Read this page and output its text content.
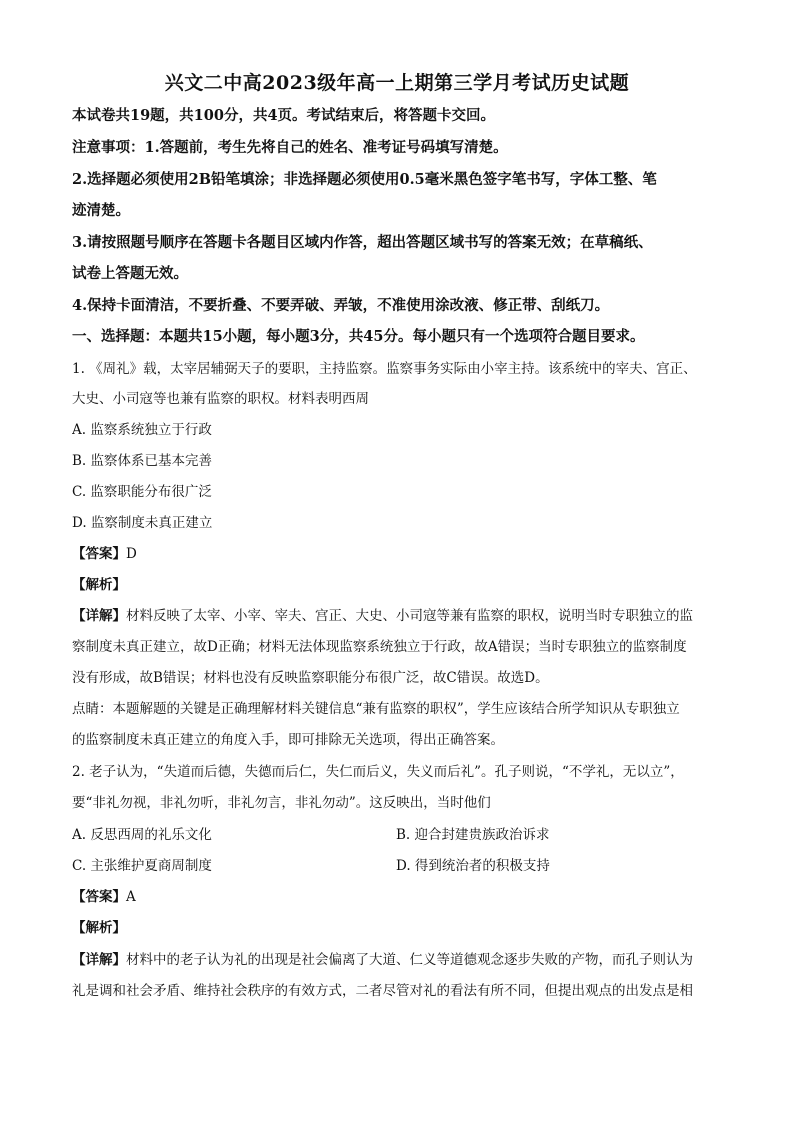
兴文二中高2023级年高一上期第三学月考试历史试题
本试卷共19题，共100分，共4页。考试结束后，将答题卡交回。
注意事项：1.答题前，考生先将自己的姓名、准考证号码填写清楚。
2.选择题必须使用2B铅笔填涂；非选择题必须使用0.5毫米黑色签字笔书写，字体工整、笔
迹清楚。
3.请按照题号顺序在答题卡各题目区域内作答，超出答题区域书写的答案无效；在草稿纸、
试卷上答题无效。
4.保持卡面清洁，不要折叠、不要弄破、弄皱，不准使用涂改液、修正带、刮纸刀。
一、选择题：本题共15小题，每小题3分，共45分。每小题只有一个选项符合题目要求。
1. 《周礼》载，太宰居辅弼天子的要职，主持监察。监察事务实际由小宰主持。该系统中的宰夫、宫正、
大史、小司寇等也兼有监察的职权。材料表明西周
A. 监察系统独立于行政
B. 监察体系已基本完善
C. 监察职能分布很广泛
D. 监察制度未真正建立
【答案】D
【解析】
【详解】材料反映了太宰、小宰、宰夫、宫正、大史、小司寇等兼有监察的职权，说明当时专职独立的监
察制度未真正建立，故D正确；材料无法体现监察系统独立于行政，故A错误；当时专职独立的监察制度
没有形成，故B错误；材料也没有反映监察职能分布很广泛，故C错误。故选D。
点睛：本题解题的关键是正确理解材料关键信息“兼有监察的职权”，学生应该结合所学知识从专职独立
的监察制度未真正建立的角度入手，即可排除无关选项，得出正确答案。
2. 老子认为，“失道而后德，失德而后仁，失仁而后义，失义而后礼”。孔子则说，“不学礼，无以立”，
要“非礼勿视，非礼勿听，非礼勿言，非礼勿动”。这反映出，当时他们
A. 反思西周的礼乐文化	B. 迎合封建贵族政治诉求
C. 主张维护夏商周制度	D. 得到统治者的积极支持
【答案】A
【解析】
【详解】材料中的老子认为礼的出现是社会偏离了大道、仁义等道德观念逐步失败的产物，而孔子则认为
礼是调和社会矛盾、维持社会秩序的有效方式，二者尽管对礼的看法有所不同，但提出观点的出发点是相
